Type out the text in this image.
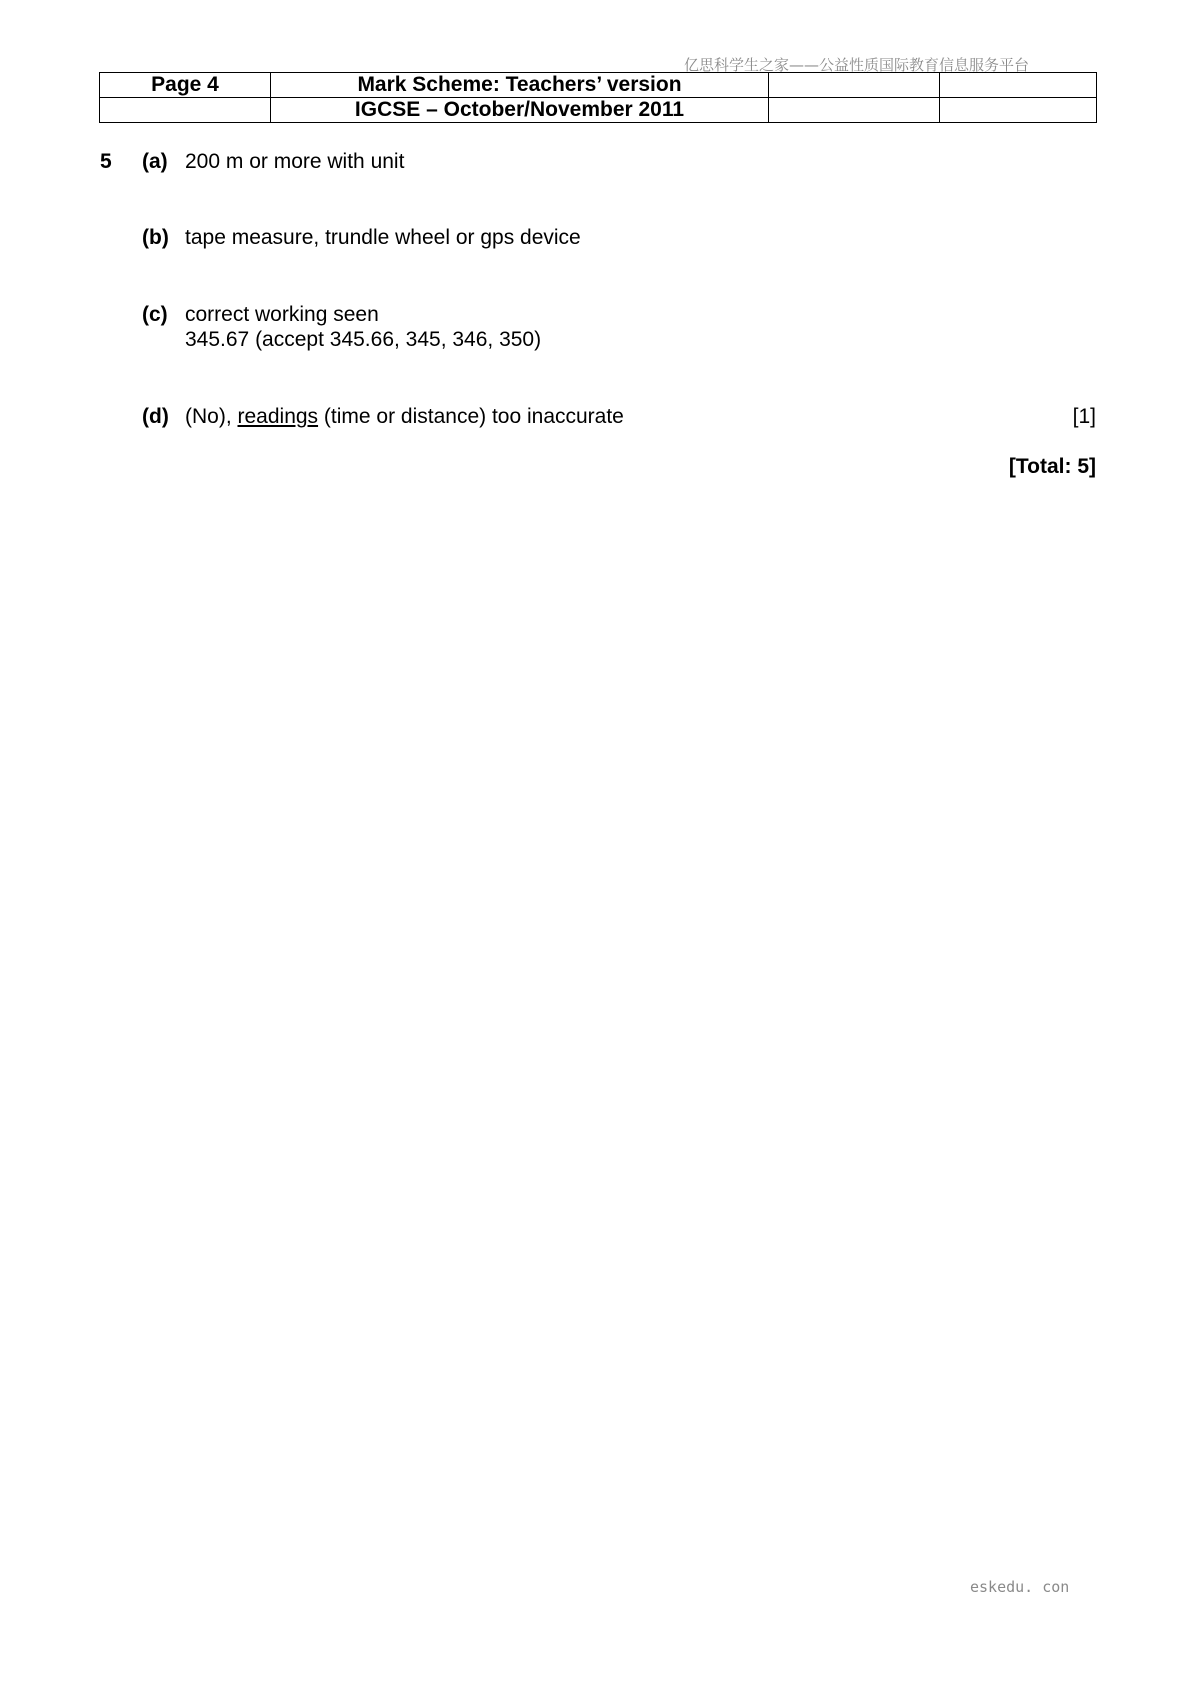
亿思科学生之家——公益性质国际教育信息服务平台
Page 4	Mark Scheme: Teachers’ version		
	IGCSE – October/November 2011		
5 (a) 200 m or more with unit
(b) tape measure, trundle wheel or gps device
(c) correct working seen
345.67 (accept 345.66, 345, 346, 350)
(d) (No), readings (time or distance) too inaccurate	[1]
[Total: 5]
eskedu. con
